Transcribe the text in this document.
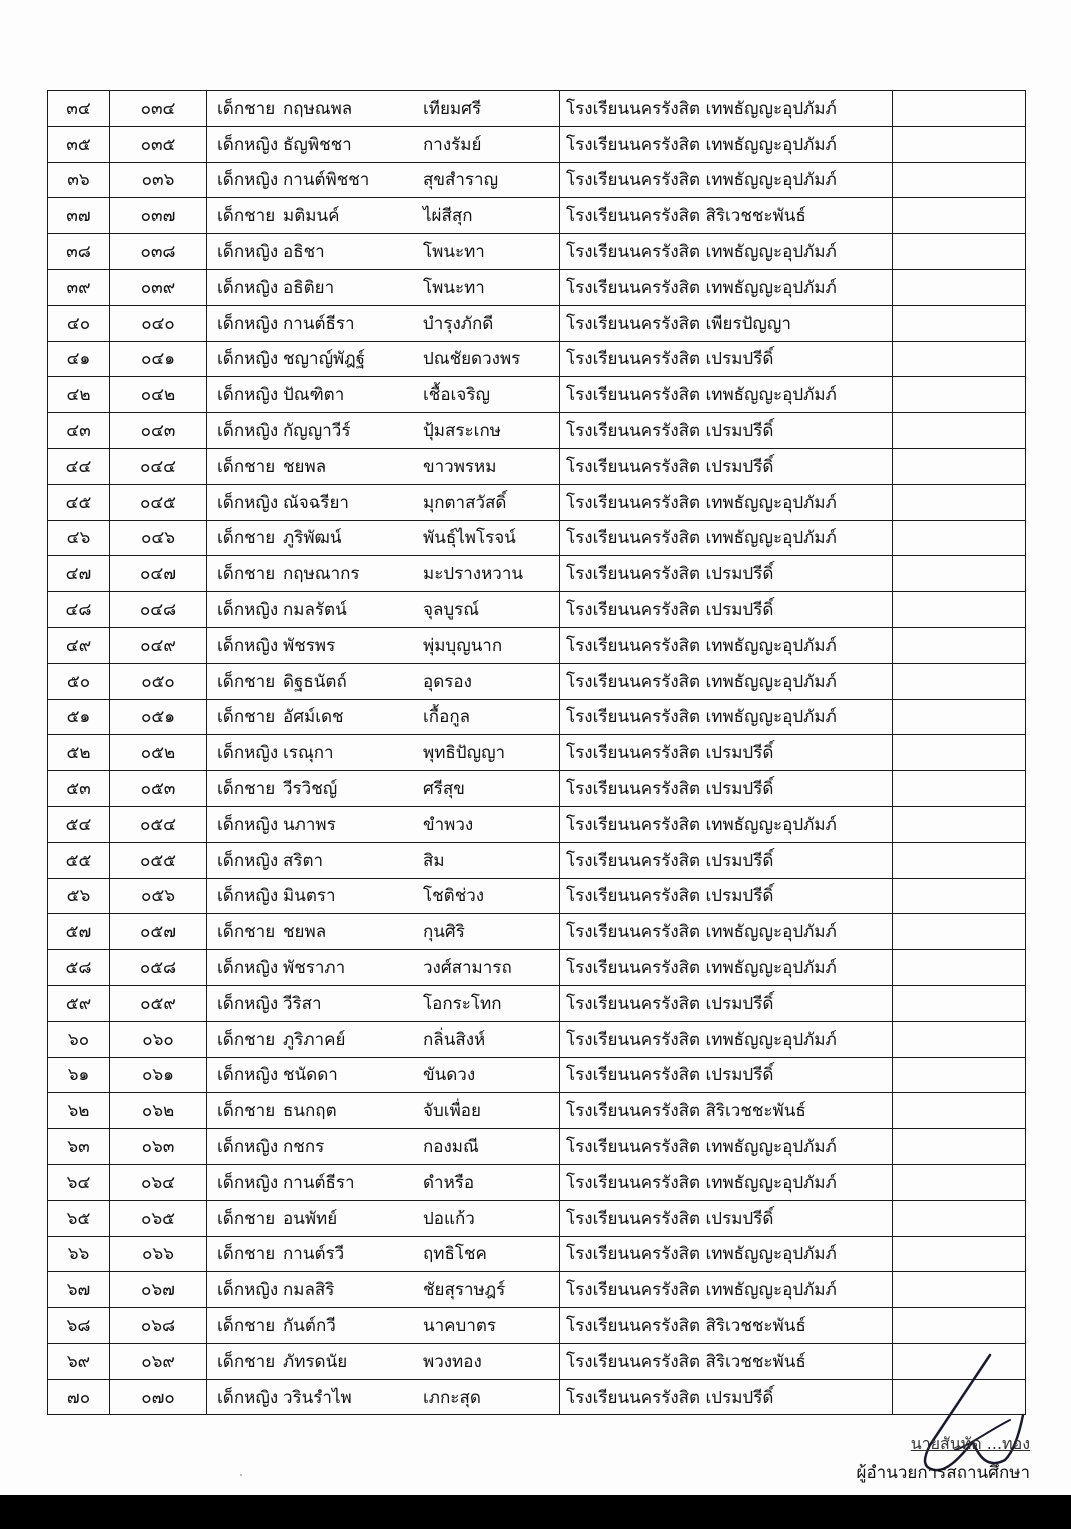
๓๔	๐๓๔	เด็กชาย กฤษณพล เทียมศรี	โรงเรียนนครรังสิต เทพธัญญะอุปภัมภ์	
๓๕	๐๓๕	เด็กหญิง ธัญพิชชา กางรัมย์	โรงเรียนนครรังสิต เทพธัญญะอุปภัมภ์	
๓๖	๐๓๖	เด็กหญิง กานต์พิชชา สุขสำราญ	โรงเรียนนครรังสิต เทพธัญญะอุปภัมภ์	
๓๗	๐๓๗	เด็กชาย มติมนค์ ไผ่สีสุก	โรงเรียนนครรังสิต สิริเวชชะพันธ์	
๓๘	๐๓๘	เด็กหญิง อธิชา โพนะทา	โรงเรียนนครรังสิต เทพธัญญะอุปภัมภ์	
๓๙	๐๓๙	เด็กหญิง อธิติยา โพนะทา	โรงเรียนนครรังสิต เทพธัญญะอุปภัมภ์	
๔๐	๐๔๐	เด็กหญิง กานต์ธีรา บำรุงภักดี	โรงเรียนนครรังสิต เพียรปัญญา	
๔๑	๐๔๑	เด็กหญิง ชญาญ์พัฎฐ์ ปณชัยดวงพร	โรงเรียนนครรังสิต เปรมปรีดิ์	
๔๒	๐๔๒	เด็กหญิง ปัณฑิตา เชื้อเจริญ	โรงเรียนนครรังสิต เทพธัญญะอุปภัมภ์	
๔๓	๐๔๓	เด็กหญิง กัญญาวีร์ ปุ้มสระเกษ	โรงเรียนนครรังสิต เปรมปรีดิ์	
๔๔	๐๔๔	เด็กชาย ชยพล ขาวพรหม	โรงเรียนนครรังสิต เปรมปรีดิ์	
๔๕	๐๔๕	เด็กหญิง ณัจฉรียา มุกตาสวัสดิ์	โรงเรียนนครรังสิต เทพธัญญะอุปภัมภ์	
๔๖	๐๔๖	เด็กชาย ภูริพัฒน์ พันธุ์ไพโรจน์	โรงเรียนนครรังสิต เทพธัญญะอุปภัมภ์	
๔๗	๐๔๗	เด็กชาย กฤษณากร มะปรางหวาน	โรงเรียนนครรังสิต เปรมปรีดิ์	
๔๘	๐๔๘	เด็กหญิง กมลรัตน์ จุลบูรณ์	โรงเรียนนครรังสิต เปรมปรีดิ์	
๔๙	๐๔๙	เด็กหญิง พัชรพร พุ่มบุญนาก	โรงเรียนนครรังสิต เทพธัญญะอุปภัมภ์	
๕๐	๐๕๐	เด็กชาย ดิฐธนัตถ์ อุดรอง	โรงเรียนนครรังสิต เทพธัญญะอุปภัมภ์	
๕๑	๐๕๑	เด็กชาย อัศม์เดช เกื้อกูล	โรงเรียนนครรังสิต เทพธัญญะอุปภัมภ์	
๕๒	๐๕๒	เด็กหญิง เรณุกา พุทธิปัญญา	โรงเรียนนครรังสิต เปรมปรีดิ์	
๕๓	๐๕๓	เด็กชาย วีรวิชญ์ ศรีสุข	โรงเรียนนครรังสิต เปรมปรีดิ์	
๕๔	๐๕๔	เด็กหญิง นภาพร ขำพวง	โรงเรียนนครรังสิต เทพธัญญะอุปภัมภ์	
๕๕	๐๕๕	เด็กหญิง สริตา สิม	โรงเรียนนครรังสิต เปรมปรีดิ์	
๕๖	๐๕๖	เด็กหญิง มินตรา โชติช่วง	โรงเรียนนครรังสิต เปรมปรีดิ์	
๕๗	๐๕๗	เด็กชาย ชยพล กุนศิริ	โรงเรียนนครรังสิต เทพธัญญะอุปภัมภ์	
๕๘	๐๕๘	เด็กหญิง พัชราภา วงศ์สามารถ	โรงเรียนนครรังสิต เทพธัญญะอุปภัมภ์	
๕๙	๐๕๙	เด็กหญิง วีริสา โอกระโทก	โรงเรียนนครรังสิต เปรมปรีดิ์	
๖๐	๐๖๐	เด็กชาย ภูริภาคย์ กลิ่นสิงห์	โรงเรียนนครรังสิต เทพธัญญะอุปภัมภ์	
๖๑	๐๖๑	เด็กหญิง ชนัดดา ขันดวง	โรงเรียนนครรังสิต เปรมปรีดิ์	
๖๒	๐๖๒	เด็กชาย ธนกฤต จับเพื่อย	โรงเรียนนครรังสิต สิริเวชชะพันธ์	
๖๓	๐๖๓	เด็กหญิง กชกร กองมณี	โรงเรียนนครรังสิต เทพธัญญะอุปภัมภ์	
๖๔	๐๖๔	เด็กหญิง กานต์ธีรา ดำหรือ	โรงเรียนนครรังสิต เทพธัญญะอุปภัมภ์	
๖๕	๐๖๕	เด็กชาย อนพัทย์ ปอแก้ว	โรงเรียนนครรังสิต เปรมปรีดิ์	
๖๖	๐๖๖	เด็กชาย กานต์รวี ฤทธิโชค	โรงเรียนนครรังสิต เทพธัญญะอุปภัมภ์	
๖๗	๐๖๗	เด็กหญิง กมลสิริ ชัยสุราษฎร์	โรงเรียนนครรังสิต เทพธัญญะอุปภัมภ์	
๖๘	๐๖๘	เด็กชาย กันต์กวี นาคบาตร	โรงเรียนนครรังสิต สิริเวชชะพันธ์	
๖๙	๐๖๙	เด็กชาย ภัทรดนัย พวงทอง	โรงเรียนนครรังสิต สิริเวชชะพันธ์	
๗๐	๐๗๐	เด็กหญิง วรินรำไพ เภกะสุด	โรงเรียนนครรังสิต เปรมปรีดิ์	
นายสันทัด ...ทอง
ผู้อำนวยการสถานศึกษา
